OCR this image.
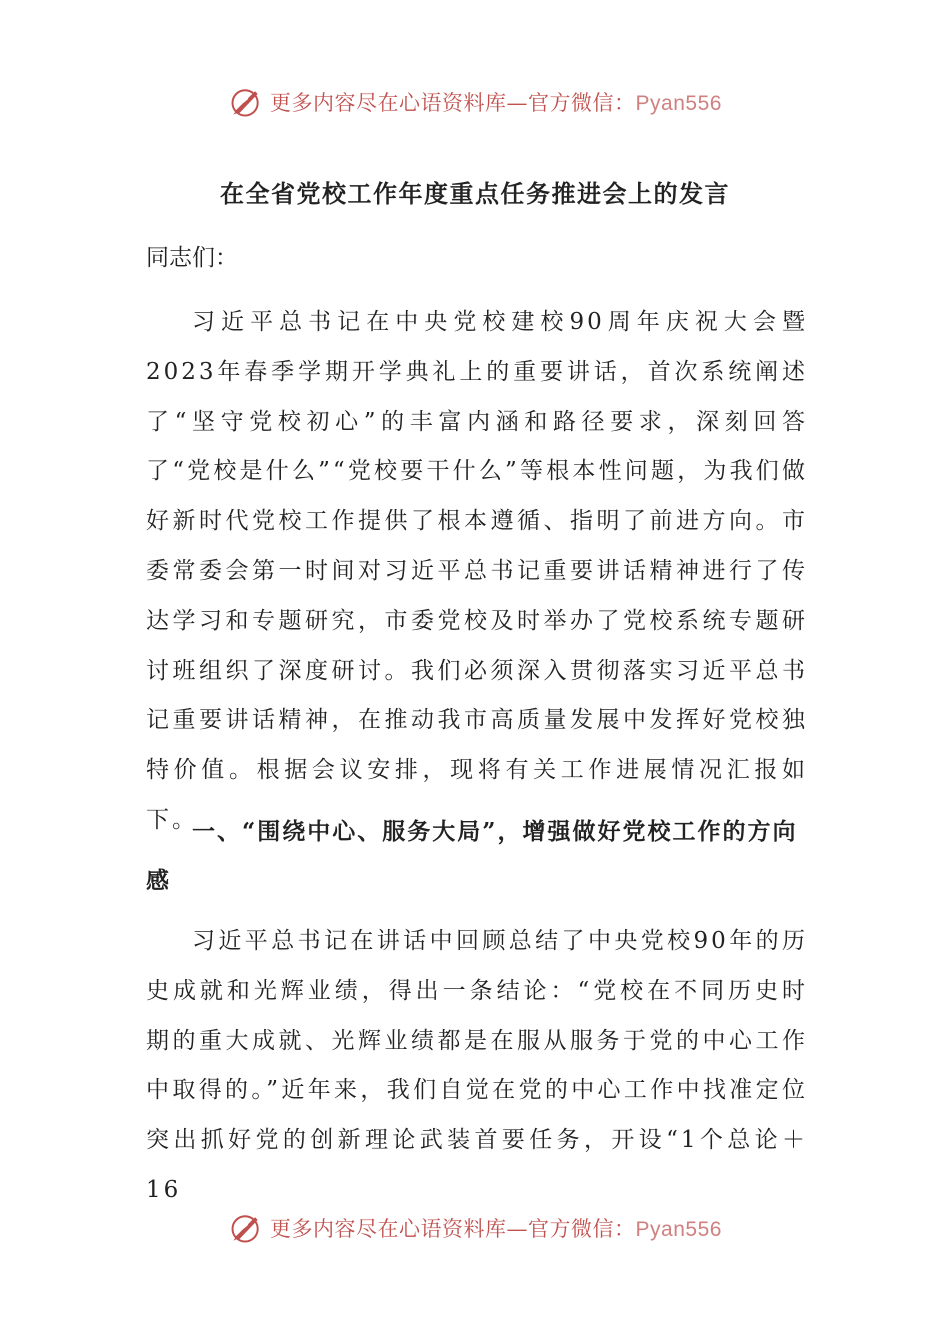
更多内容尽在心语资料库—官方微信：Pyan556
在全省党校工作年度重点任务推进会上的发言
同志们：

习近平总书记在中央党校建校90周年庆祝大会暨2023年春季学期开学典礼上的重要讲话，首次系统阐述了“坚守党校初心”的丰富内涵和路径要求，深刻回答了“党校是什么”“党校要干什么”等根本性问题，为我们做好新时代党校工作提供了根本遵循、指明了前进方向。市委常委会第一时间对习近平总书记重要讲话精神进行了传达学习和专题研究，市委党校及时举办了党校系统专题研讨班组织了深度研讨。我们必须深入贯彻落实习近平总书记重要讲话精神，在推动我市高质量发展中发挥好党校独特价值。根据会议安排，现将有关工作进展情况汇报如下。

一、“围绕中心、服务大局”，增强做好党校工作的方向感

习近平总书记在讲话中回顾总结了中央党校90年的历史成就和光辉业绩，得出一条结论：“党校在不同历史时期的重大成就、光辉业绩都是在服从服务于党的中心工作中取得的。”近年来，我们自觉在党的中心工作中找准定位突出抓好党的创新理论武装首要任务，开设“1个总论＋16

更多内容尽在心语资料库—官方微信：Pyan556
